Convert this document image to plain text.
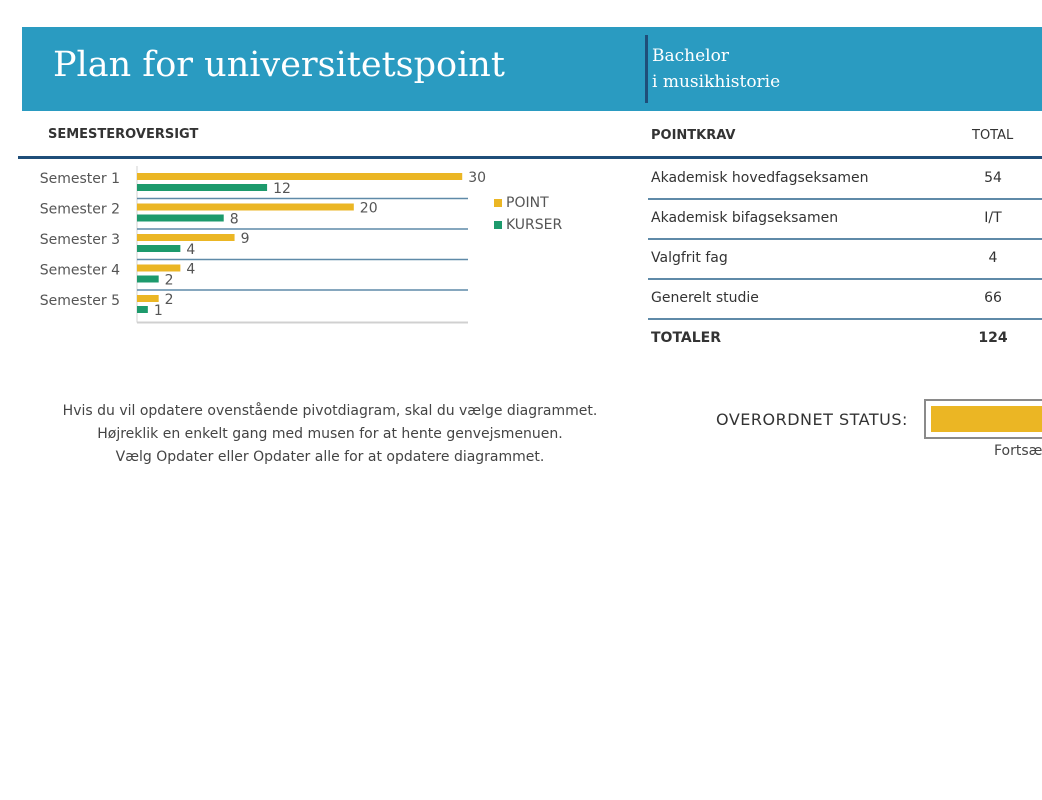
Plan for universitetspoint	Bachelor
i musikhistorie
SEMESTEROVERSIGT	POINTKRAV	TOTAL
Semester 1	30
12
Semester 2	20
8
Semester 3	9
4
Semester 4	4
2
Semester 5	2
1
POINT
KURSER
Akademisk hovedfagseksamen	54
Akademisk bifagseksamen	I/T
Valgfrit fag	4
Generelt studie	66
TOTALER	124
Hvis du vil opdatere ovenstående pivotdiagram, skal du vælge diagrammet.
Højreklik en enkelt gang med musen for at hente genvejsmenuen.
Vælg Opdater eller Opdater alle for at opdatere diagrammet.
OVERORDNET STATUS:
Fortsæ
